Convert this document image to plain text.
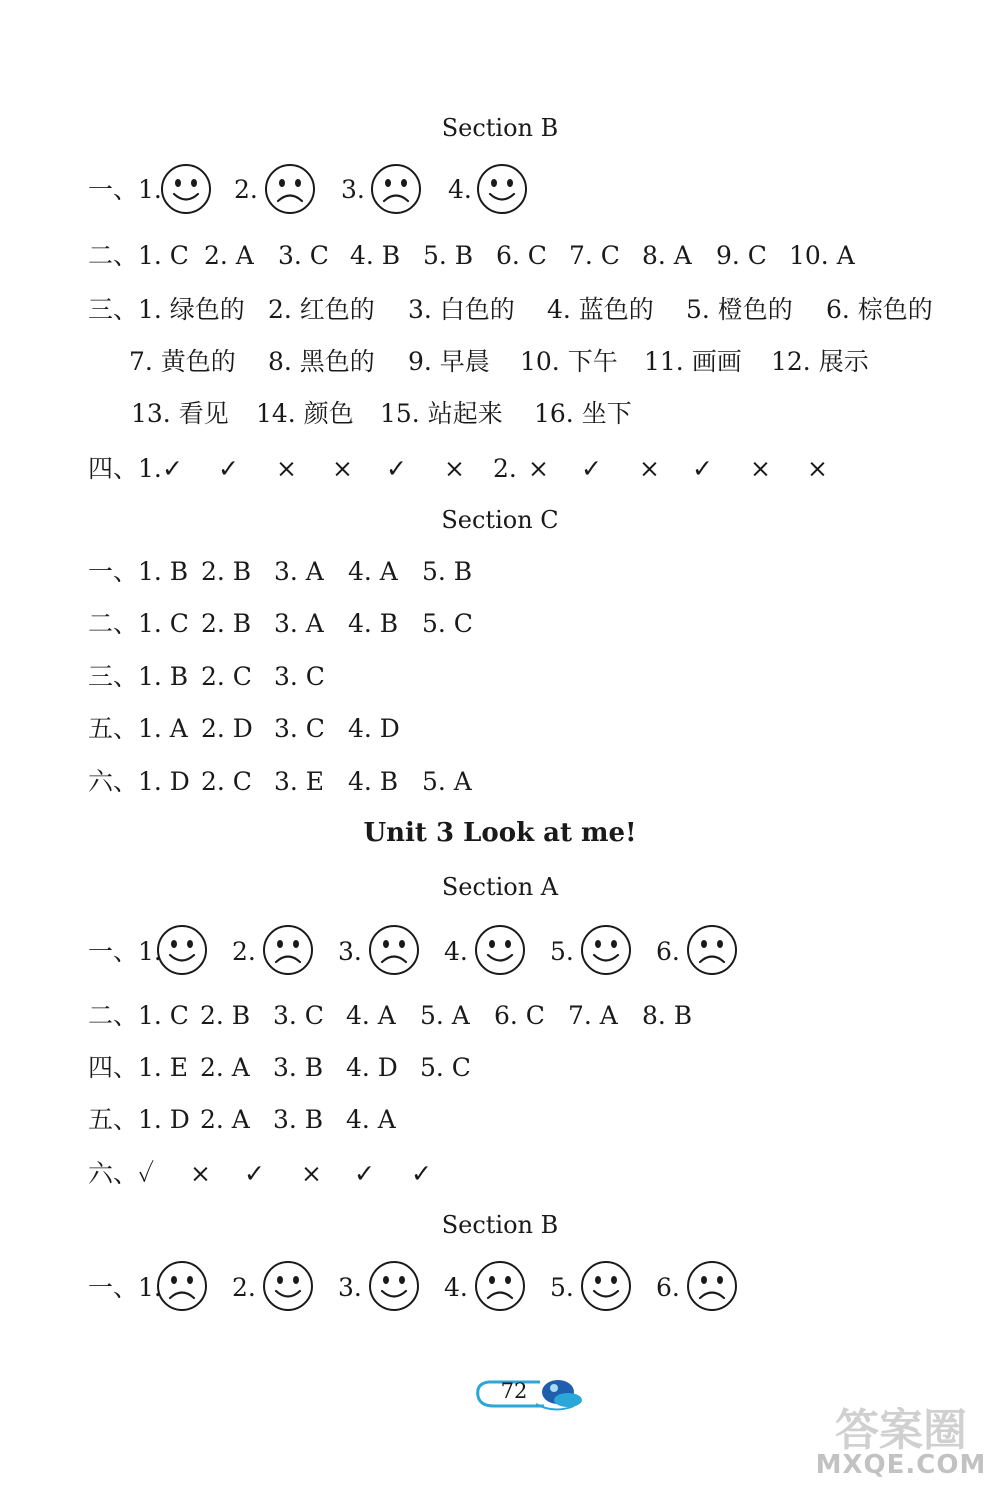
Section B
一、1.	2.	3.	4.
二、1. C 2. A 3. C 4. B 5. B 6. C 7. C 8. A 9. C 10. A
三、1. 绿色的 2. 红色的 3. 白色的 4. 蓝色的 5. 橙色的 6. 棕色的
7. 黄色的 8. 黑色的 9. 早晨 10. 下午 11. 画画 12. 展示
13. 看见 14. 颜色 15. 站起来 16. 坐下
四、1. ✓ ✓ × × ✓ × 2. × ✓ × ✓ × ×
Section C
一、1. B 2. B 3. A 4. A 5. B
二、1. C 2. B 3. A 4. B 5. C
三、1. B 2. C 3. C
五、1. A 2. D 3. C 4. D
六、1. D 2. C 3. E 4. B 5. A
Unit 3 Look at me!
Section A
一、1.	2.	3.	4.	5.	6.
二、1. C 2. B 3. C 4. A 5. A 6. C 7. A 8. B
四、1. E 2. A 3. B 4. D 5. C
五、1. D 2. A 3. B 4. A
六、✓ × ✓ × ✓ ✓
Section B
一、1.	2.	3.	4.	5.	6.
72
答案圈
MXQE.COM
